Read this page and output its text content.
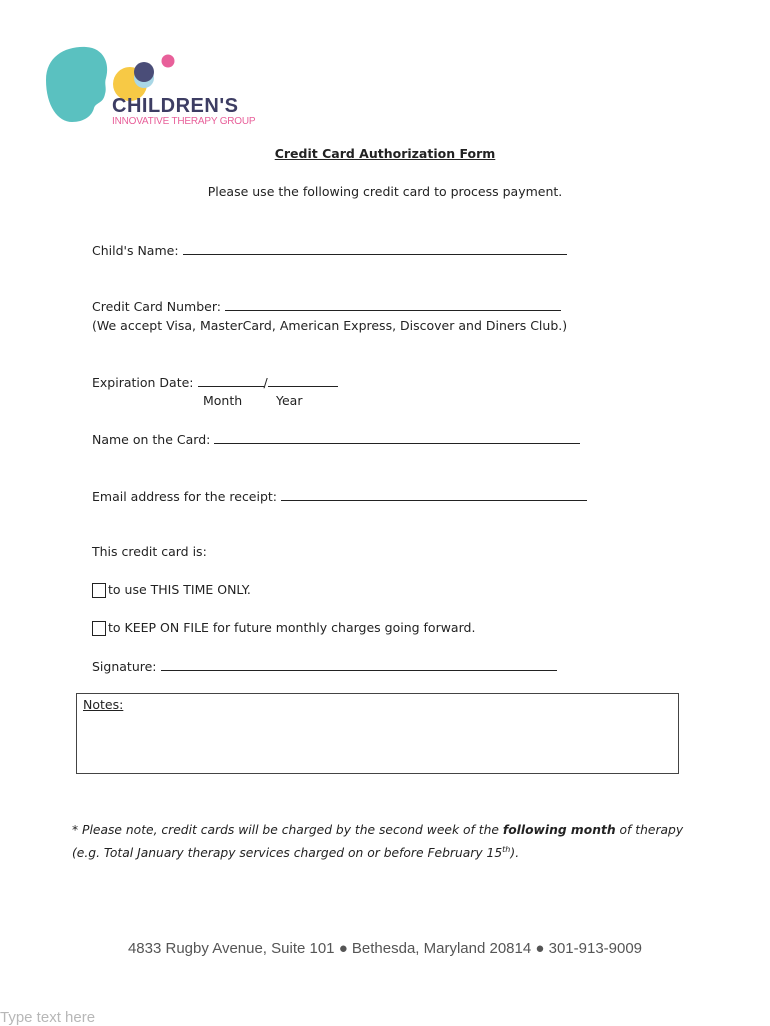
CHILDREN'S
INNOVATIVE THERAPY GROUP
Credit Card Authorization Form
Please use the following credit card to process payment.
Child's Name:
Credit Card Number:
(We accept Visa, MasterCard, American Express, Discover and Diners Club.)
Expiration Date:	/
Month	Year
Name on the Card:
Email address for the receipt:
This credit card is:
to use THIS TIME ONLY.
to KEEP ON FILE for future monthly charges going forward.
Signature:
Notes:
* Please note, credit cards will be charged by the second week of the following month of therapy
(e.g. Total January therapy services charged on or before February 15th).
4833 Rugby Avenue, Suite 101 ● Bethesda, Maryland 20814 ● 301-913-9009
Type text here
